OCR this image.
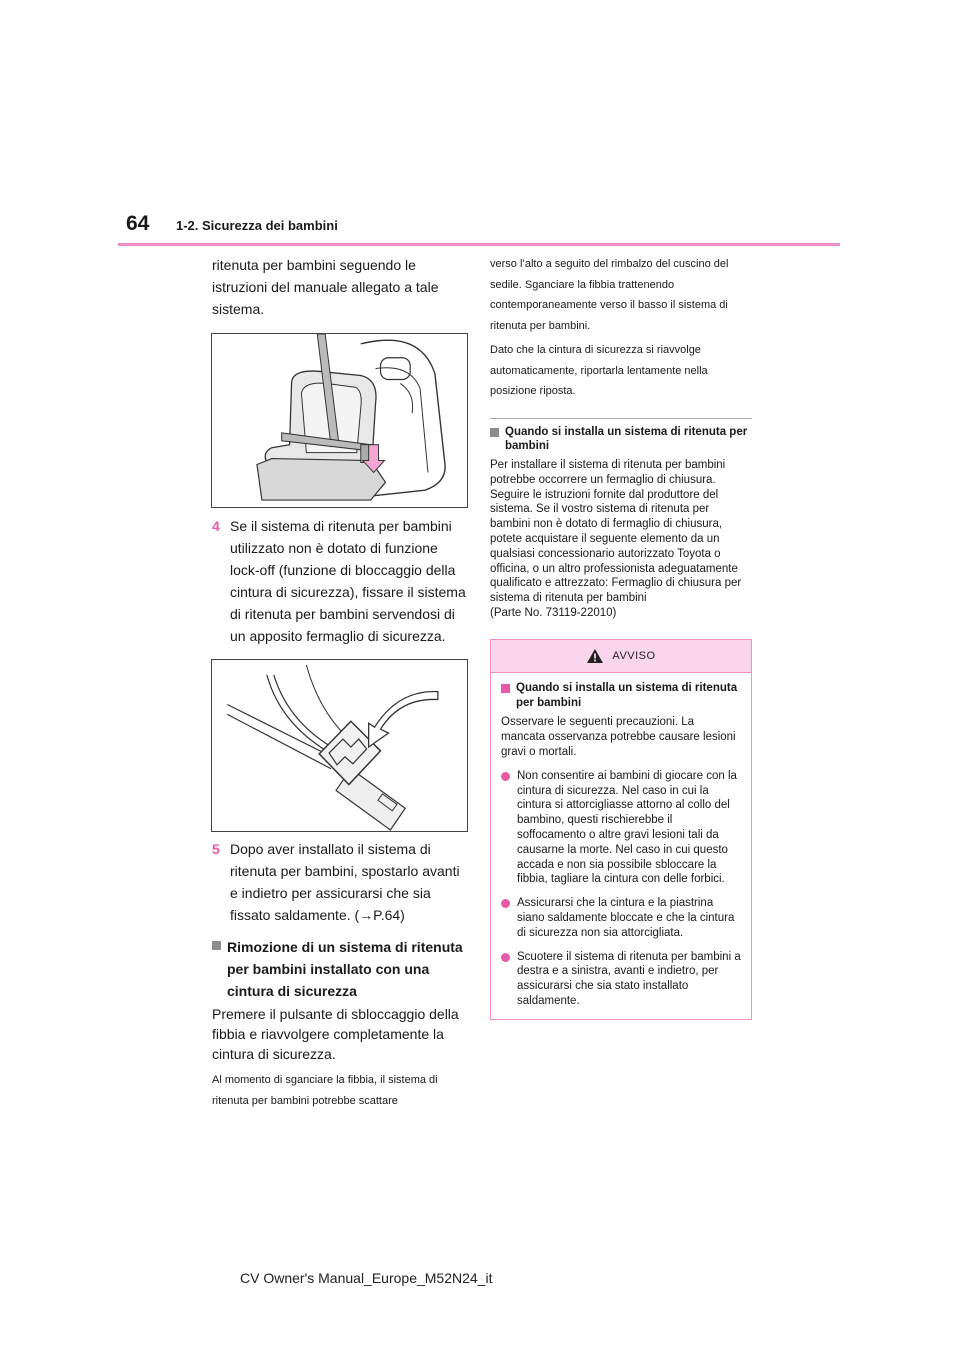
64 1-2. Sicurezza dei bambini

ritenuta per bambini seguendo le istruzioni del manuale allegato a tale sistema.

4 Se il sistema di ritenuta per bambini utilizzato non è dotato di funzione lock-off (funzione di bloccaggio della cintura di sicurezza), fissare il sistema di ritenuta per bambini servendosi di un apposito fermaglio di sicurezza.
5 Dopo aver installato il sistema di ritenuta per bambini, spostarlo avanti e indietro per assicurarsi che sia fissato saldamente. (→P.64)
Rimozione di un sistema di ritenuta per bambini installato con una cintura di sicurezza

Premere il pulsante di sbloccaggio della fibbia e riavvolgere completamente la cintura di sicurezza.

Al momento di sganciare la fibbia, il sistema di ritenuta per bambini potrebbe scattare

verso l’alto a seguito del rimbalzo del cuscino del sedile. Sganciare la fibbia trattenendo contemporaneamente verso il basso il sistema di ritenuta per bambini.

Dato che la cintura di sicurezza si riavvolge automaticamente, riportarla lentamente nella posizione riposta.

Quando si installa un sistema di ritenuta per bambini

Per installare il sistema di ritenuta per bambini potrebbe occorrere un fermaglio di chiusura. Seguire le istruzioni fornite dal produttore del sistema. Se il vostro sistema di ritenuta per bambini non è dotato di fermaglio di chiusura, potete acquistare il seguente elemento da un qualsiasi concessionario autorizzato Toyota o officina, o un altro professionista adeguatamente qualificato e attrezzato: Fermaglio di chiusura per sistema di ritenuta per bambini

(Parte No. 73119-22010)

AVVISO
Quando si installa un sistema di ritenuta per bambini

Osservare le seguenti precauzioni. La mancata osservanza potrebbe causare lesioni gravi o mortali.

Non consentire ai bambini di giocare con la cintura di sicurezza. Nel caso in cui la cintura si attorcigliasse attorno al collo del bambino, questi rischierebbe il soffocamento o altre gravi lesioni tali da causarne la morte. Nel caso in cui questo accada e non sia possibile sbloccare la fibbia, tagliare la cintura con delle forbici.
Assicurarsi che la cintura e la piastrina siano saldamente bloccate e che la cintura di sicurezza non sia attorcigliata.
Scuotere il sistema di ritenuta per bambini a destra e a sinistra, avanti e indietro, per assicurarsi che sia stato installato saldamente.
CV Owner's Manual_Europe_M52N24_it
